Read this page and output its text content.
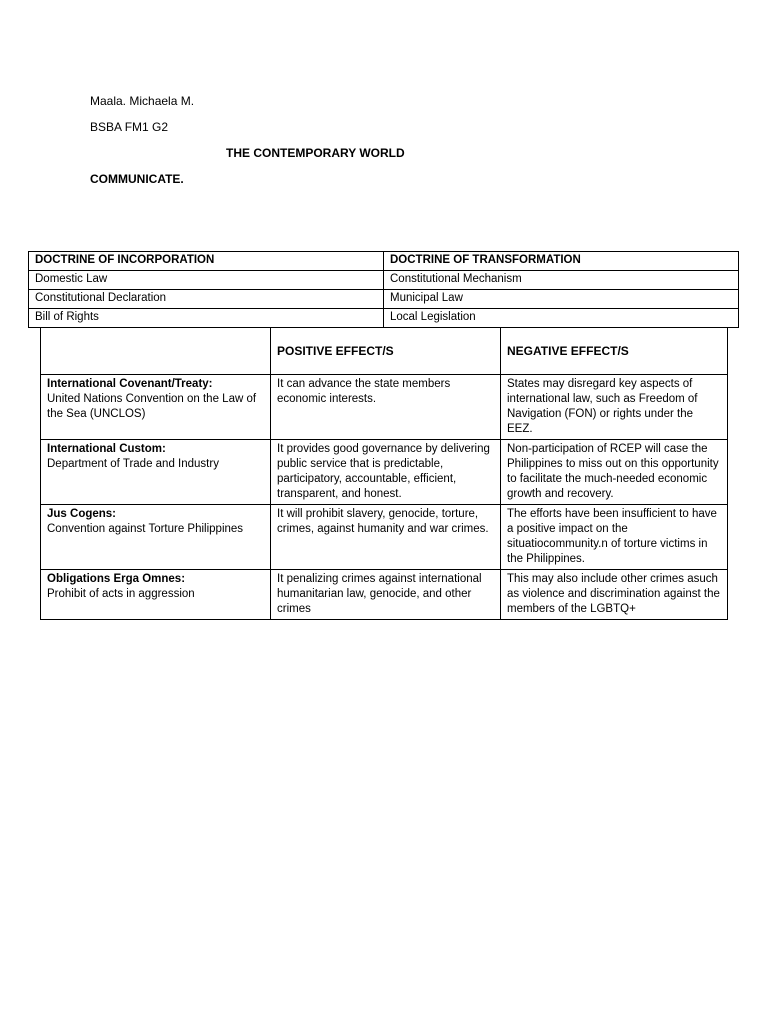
Maala. Michaela M.
BSBA FM1 G2
THE CONTEMPORARY WORLD
COMMUNICATE.
DOCTRINE OF INCORPORATION	DOCTRINE OF TRANSFORMATION
Domestic Law	Constitutional Mechanism
Constitutional Declaration	Municipal Law
Bill of Rights	Local Legislation
	POSITIVE EFFECT/S	NEGATIVE EFFECT/S

International Covenant/Treaty:
United Nations Convention on the Law of the Sea (UNCLOS)	It can advance the state members economic interests.	States may disregard key aspects of international law, such as Freedom of Navigation (FON) or rights under the EEZ.

International Custom:
Department of Trade and Industry	It provides good governance by delivering public service that is predictable, participatory, accountable, efficient, transparent, and honest.	Non-participation of RCEP will case the Philippines to miss out on this opportunity to facilitate the much-needed economic growth and recovery.

Jus Cogens:
Convention against Torture Philippines	It will prohibit slavery, genocide, torture, crimes, against humanity and war crimes.	The efforts have been insufficient to have a positive impact on the situatiocommunity.n of torture victims in the Philippines.

Obligations Erga Omnes:
Prohibit of acts in aggression	It penalizing crimes against international humanitarian law, genocide, and other crimes	This may also include other crimes asuch as violence and discrimination against the members of the LGBTQ+
